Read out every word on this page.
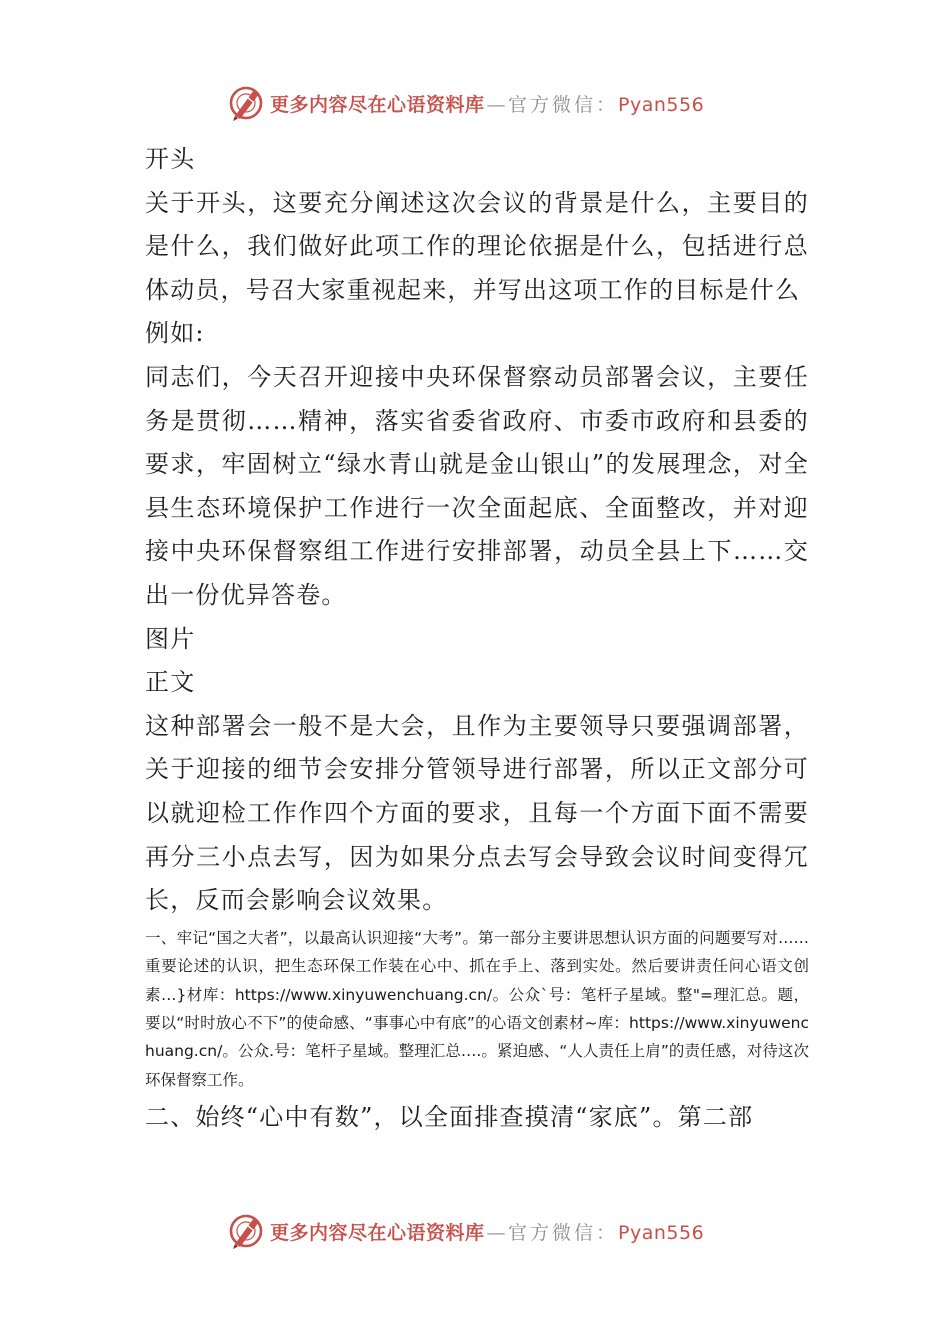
更多内容尽在心语资料库 — 官方微信：Pyan556

开头

关于开头，这要充分阐述这次会议的背景是什么，主要目的是什么，我们做好此项工作的理论依据是什么，包括进行总体动员，号召大家重视起来，并写出这项工作的目标是什么

例如:

同志们，今天召开迎接中央环保督察动员部署会议，主要任务是贯彻……精神，落实省委省政府、市委市政府和县委的要求，牢固树立“绿水青山就是金山银山”的发展理念，对全县生态环境保护工作进行一次全面起底、全面整改，并对迎接中央环保督察组工作进行安排部署，动员全县上下……交出一份优异答卷。

图片

正文

这种部署会一般不是大会，且作为主要领导只要强调部署，关于迎接的细节会安排分管领导进行部署，所以正文部分可以就迎检工作作四个方面的要求，且每一个方面下面不需要再分三小点去写，因为如果分点去写会导致会议时间变得冗长，反而会影响会议效果。

一、牢记“国之大者”，以最高认识迎接“大考”。第一部分主要讲思想认识方面的问题要写对……重要论述的认识，把生态环保工作装在心中、抓在手上、落到实处。然后要讲责任问心语文创素…}材库：https://www.xinyuwenchuang.cn/。公众`号：笔杆子星域。整"=理汇总。题，要以“时时放心不下”的使命感、“事事心中有底”的心语文创素材~库：https://www.xinyuwenchuang.cn/。公众.号：笔杆子星域。整理汇总….。紧迫感、“人人责任上肩”的责任感，对待这次环保督察工作。

二、始终“心中有数”，以全面排查摸清“家底”。第二部

更多内容尽在心语资料库 — 官方微信：Pyan556
